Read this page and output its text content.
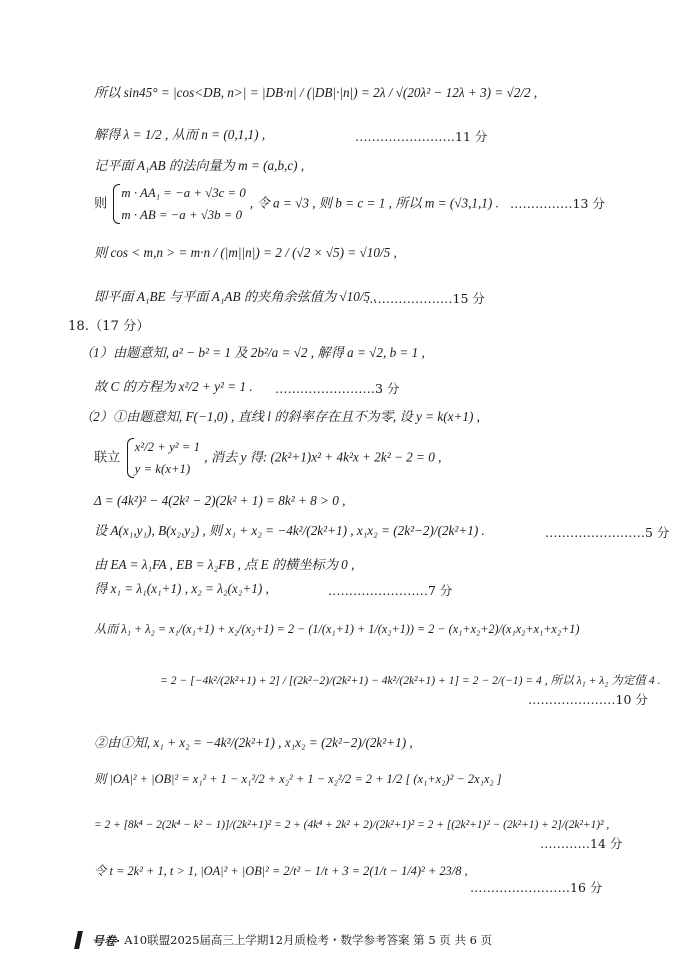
所以 sin45° = |cos<DB, n>| = |DB·n| / (|DB|·|n|) = 2λ / √(20λ² − 12λ + 3) = √2/2 ,
解得 λ = 1/2 , 从而 n = (0,1,1) ,	……………………11 分
记平面 A₁AB 的法向量为 m = (a,b,c) ,
则
m · AA₁ = −a + √3c = 0
m · AB = −a + √3b = 0
, 令 a = √3 , 则 b = c = 1 , 所以 m = (√3,1,1) . ……………13 分
则 cos < m,n > = m·n / (|m||n|) = 2 / (√2 × √5) = √10/5 ,
即平面 A₁BE 与平面 A₁AB 的夹角余弦值为 √10/5 .
…………………15 分
18.（17 分）
（1）由题意知, a² − b² = 1 及 2b²/a = √2 , 解得 a = √2, b = 1 ,
故 C 的方程为 x²/2 + y² = 1 . ……………………3 分
（2）①由题意知, F(−1,0) , 直线 l 的斜率存在且不为零, 设 y = k(x+1) ,
联立
x²/2 + y² = 1
y = k(x+1)
, 消去 y 得: (2k²+1)x² + 4k²x + 2k² − 2 = 0 ,
Δ = (4k²)² − 4(2k² − 2)(2k² + 1) = 8k² + 8 > 0 ,
设 A(x₁,y₁), B(x₂,y₂) , 则 x₁ + x₂ = −4k²/(2k²+1) , x₁x₂ = (2k²−2)/(2k²+1) .	……………………5 分
由 EA = λ₁FA , EB = λ₂FB , 点 E 的横坐标为 0 ,
得 x₁ = λ₁(x₁+1) , x₂ = λ₂(x₂+1) ,	……………………7 分
从而 λ₁ + λ₂ = x₁/(x₁+1) + x₂/(x₂+1) = 2 − (1/(x₁+1) + 1/(x₂+1)) = 2 − (x₁+x₂+2)/(x₁x₂+x₁+x₂+1)
= 2 − [−4k²/(2k²+1) + 2] / [(2k²−2)/(2k²+1) − 4k²/(2k²+1) + 1] = 2 − 2/(−1) = 4 , 所以 λ₁ + λ₂ 为定值 4 .
…………………10 分
②由①知, x₁ + x₂ = −4k²/(2k²+1) , x₁x₂ = (2k²−2)/(2k²+1) ,
则 |OA|² + |OB|² = x₁² + 1 − x₁²/2 + x₂² + 1 − x₂²/2 = 2 + 1/2 [ (x₁+x₂)² − 2x₁x₂ ]
= 2 + [8k⁴ − 2(2k⁴ − k² − 1)]/(2k²+1)² = 2 + (4k⁴ + 2k² + 2)/(2k²+1)² = 2 + [(2k²+1)² − (2k²+1) + 2]/(2k²+1)² ,
…………14 分
令 t = 2k² + 1, t > 1, |OA|² + |OB|² = 2/t² − 1/t + 3 = 2(1/t − 1/4)² + 23/8 ,
……………………16 分
号卷· A10联盟2025届高三上学期12月质检考・数学参考答案 第 5 页 共 6 页
